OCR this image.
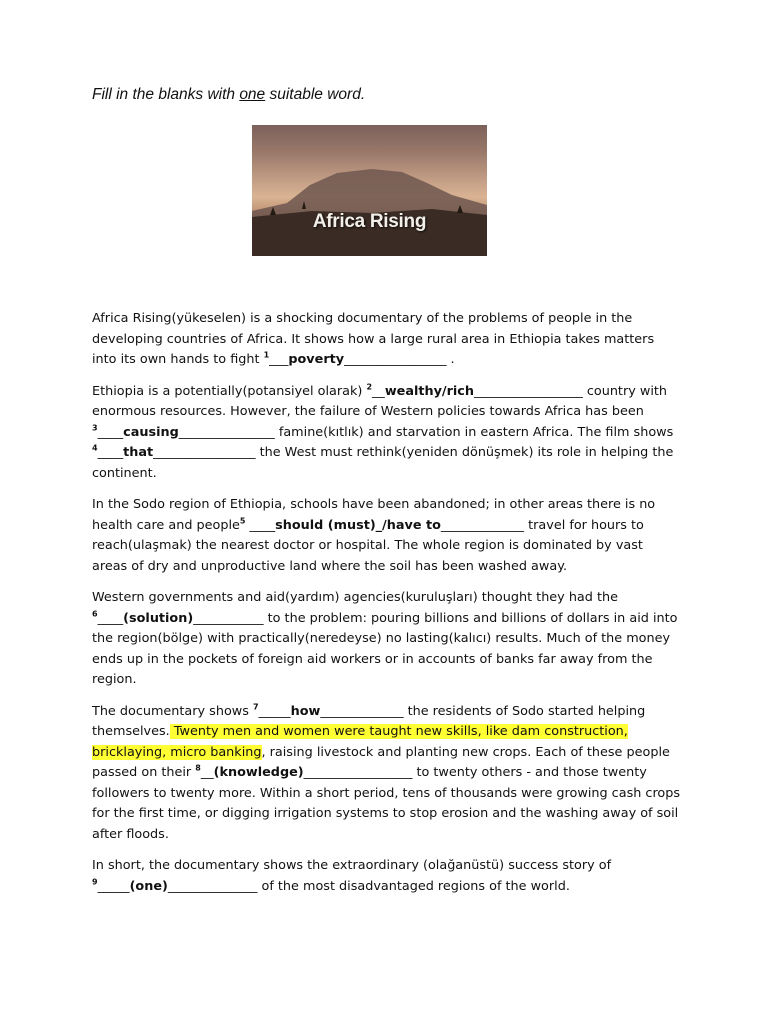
Fill in the blanks with one suitable word.

Africa Rising

Africa Rising(yükeselen) is a shocking documentary of the problems of people in the developing countries of Africa. It shows how a large rural area in Ethiopia takes matters into its own hands to fight $^1$___poverty________________ .

Ethiopia is a potentially(potansiyel olarak) $^2$__wealthy/rich_________________ country with enormous resources. However, the failure of Western policies towards Africa has been $^3$____causing_______________ famine(kıtlık) and starvation in eastern Africa. The film shows $^4$____that________________ the West must rethink(yeniden dönüşmek) its role in helping the continent.

In the Sodo region of Ethiopia, schools have been abandoned; in other areas there is no health care and people$^5$ ____should (must)_/have to_____________ travel for hours to reach(ulaşmak) the nearest doctor or hospital. The whole region is dominated by vast areas of dry and unproductive land where the soil has been washed away.

Western governments and aid(yardım) agencies(kuruluşları) thought they had the $^6$____(solution)___________ to the problem: pouring billions and billions of dollars in aid into the region(bölge) with practically(neredeyse) no lasting(kalıcı) results. Much of the money ends up in the pockets of foreign aid workers or in accounts of banks far away from the region.

The documentary shows $^7$_____how_____________ the residents of Sodo started helping themselves. Twenty men and women were taught new skills, like dam construction, bricklaying, micro banking, raising livestock and planting new crops. Each of these people passed on their $^8$__(knowledge)_________________ to twenty others - and those twenty followers to twenty more. Within a short period, tens of thousands were growing cash crops for the first time, or digging irrigation systems to stop erosion and the washing away of soil after floods.

In short, the documentary shows the extraordinary (olağanüstü) success story of $^9$_____(one)______________ of the most disadvantaged regions of the world.
